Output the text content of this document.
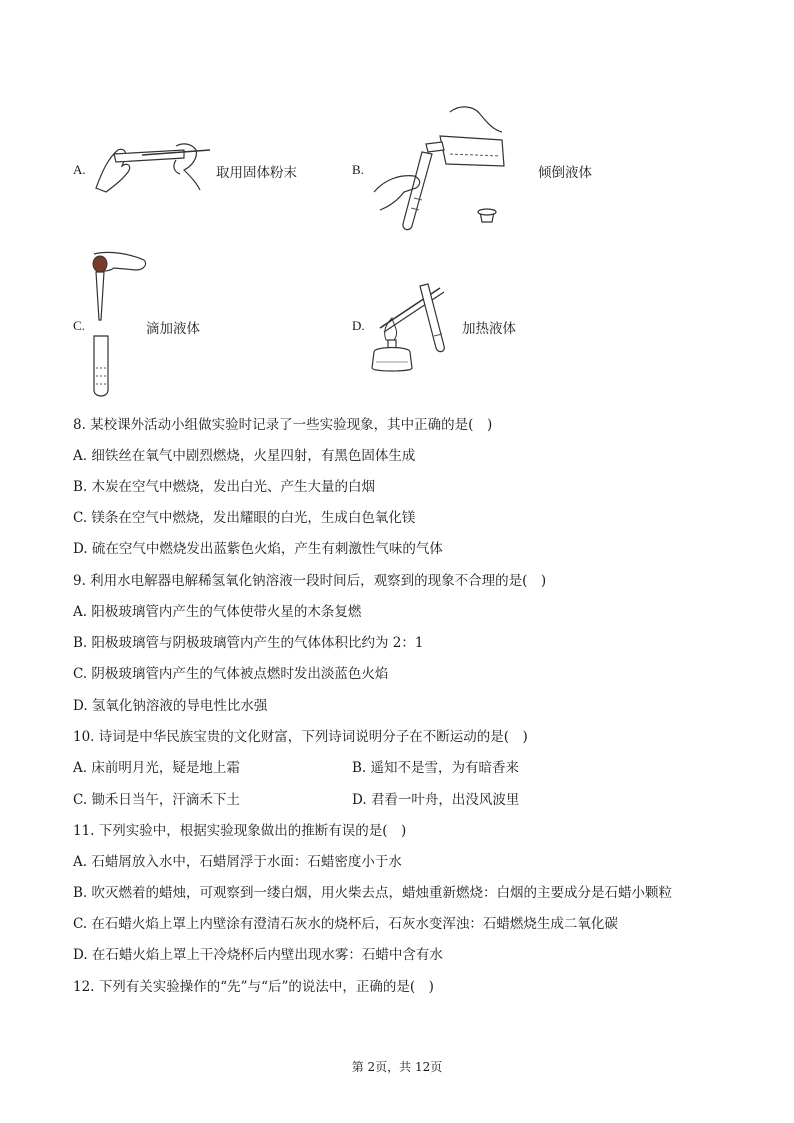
A.	取用固体粉末	B.	倾倒液体
C.	滴加液体	D.	加热液体
8. 某校课外活动小组做实验时记录了一些实验现象，其中正确的是(　)
A. 细铁丝在氧气中剧烈燃烧，火星四射，有黑色固体生成
B. 木炭在空气中燃烧，发出白光、产生大量的白烟
C. 镁条在空气中燃烧，发出耀眼的白光，生成白色氧化镁
D. 硫在空气中燃烧发出蓝紫色火焰，产生有刺激性气味的气体
9. 利用水电解器电解稀氢氧化钠溶液一段时间后，观察到的现象不合理的是(　)
A. 阳极玻璃管内产生的气体使带火星的木条复燃
B. 阳极玻璃管与阴极玻璃管内产生的气体体积比约为 2：1
C. 阴极玻璃管内产生的气体被点燃时发出淡蓝色火焰
D. 氢氧化钠溶液的导电性比水强
10. 诗词是中华民族宝贵的文化财富，下列诗词说明分子在不断运动的是(　)
A. 床前明月光，疑是地上霜	B. 遥知不是雪，为有暗香来
C. 锄禾日当午，汗滴禾下土	D. 君看一叶舟，出没风波里
11. 下列实验中，根据实验现象做出的推断有误的是(　)
A. 石蜡屑放入水中，石蜡屑浮于水面：石蜡密度小于水
B. 吹灭燃着的蜡烛，可观察到一缕白烟，用火柴去点，蜡烛重新燃烧：白烟的主要成分是石蜡小颗粒
C. 在石蜡火焰上罩上内壁涂有澄清石灰水的烧杯后，石灰水变浑浊：石蜡燃烧生成二氧化碳
D. 在石蜡火焰上罩上干冷烧杯后内壁出现水雾：石蜡中含有水
12. 下列有关实验操作的“先”与“后”的说法中，正确的是(　)
第 2页，共 12页
